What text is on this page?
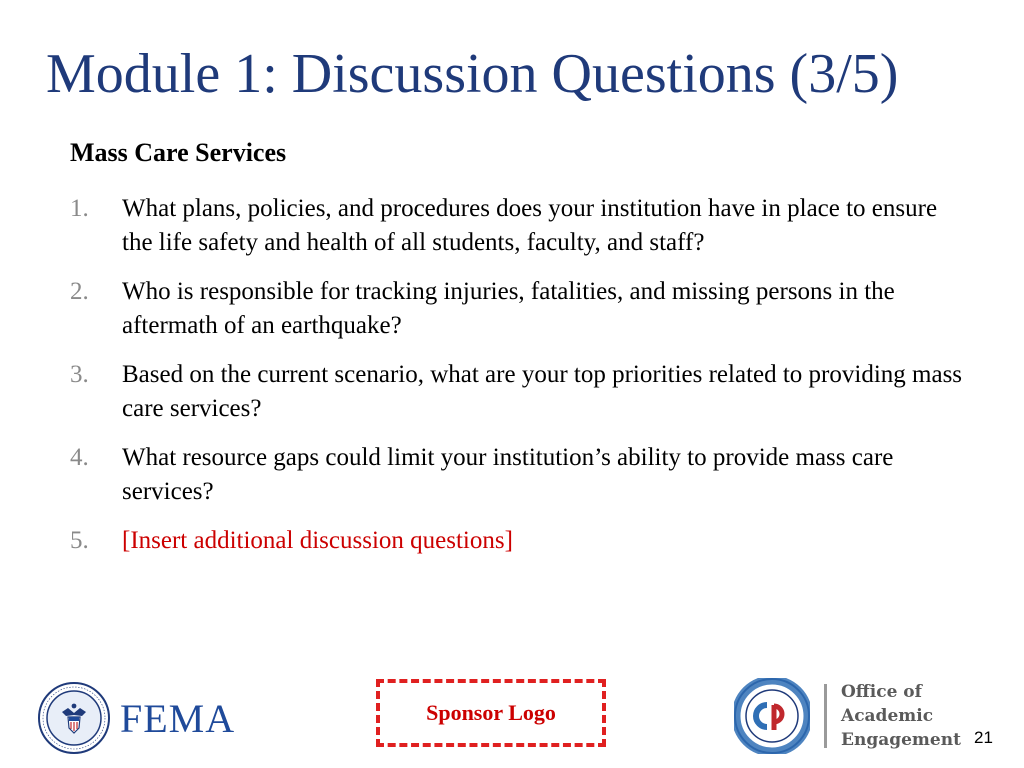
Module 1: Discussion Questions (3/5)
Mass Care Services
1.	What plans, policies, and procedures does your institution have in place to ensure the life safety and health of all students, faculty, and staff?
2.	Who is responsible for tracking injuries, fatalities, and missing persons in the aftermath of an earthquake?
3.	Based on the current scenario, what are your top priorities related to providing mass care services?
4.	What resource gaps could limit your institution’s ability to provide mass care services?
5.	[Insert additional discussion questions]
FEMA	Sponsor Logo
Office of
Academic
Engagement 21
